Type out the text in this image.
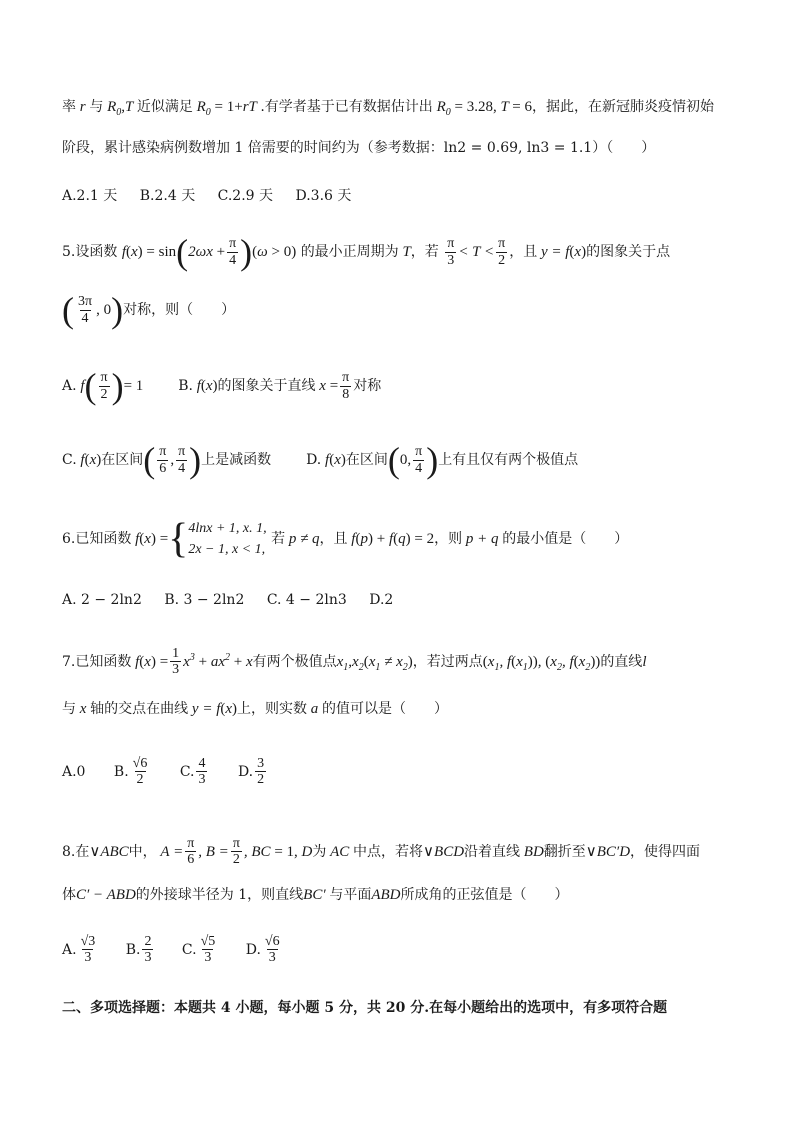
率 r 与 $R_0,T$ 近似满足 $R_0 = 1+rT$ .有学者基于已有数据估计出 $R_0 = 3.28$, T = 6，据此，在新冠肺炎疫情初始
阶段，累计感染病例数增加 1 倍需要的时间约为（参考数据：ln2 = 0.69, ln3 = 1.1）（　　）
A.2.1 天 B.2.4 天 C.2.9 天 D.3.6 天
5.设函数 $f(x) = \sin(2\omega x + \frac{\pi}{4} )(\omega > 0)$ 的最小正周期为 T，若 $\frac{\pi}{3} < T < \frac{\pi}{2}$ ，且 y = f(x)的图象关于点
( $\frac{3\pi}{4}$ , 0)对称，则（　　）
A. $f( \frac{\pi}{2}$ )= 1 B. f(x)的图象关于直线 $x = \frac{\pi}{8}$ 对称
C. f(x)在区间( $\frac{\pi}{6}$ , $\frac{\pi}{4}$ )上是减函数 D. f(x)在区间(0, $\frac{\pi}{4}$ )上有且仅有两个极值点
6.已知函数 f(x) ={ 4lnx + 1, x. 1,
2x − 1, x < 1,
若 p ≠ q，且 f(p) + f(q) = 2，则 p + q 的最小值是（　　）
A. 2 − 2ln2 B. 3 − 2ln2 C. 4 − 2ln3 D.2
7.已知函数 $f(x) = \frac{1}{3} x^3 + ax^2 + x$有两个极值点$x_1,x_2(x_1 \ne x_2)$，若过两点($x_1$, $f(x_1)$), ($x_2$, $f(x_2)$)的直线l
与 x 轴的交点在曲线 y = f(x)上，则实数 a 的值可以是（　　）
A.0 B. $\frac{√6}{2} C$. $\frac{4}{3} D$. $\frac{3}{2}$
8.在∨ABC中， $A = \frac{\pi}{6}$ , $B = \frac{\pi}{2}$ , BC = 1, D为 AC 中点，若将∨BCD沿着直线 BD翻折至∨BC′D，使得四面
体C′ − ABD的外接球半径为 1，则直线BC′ 与平面ABD所成角的正弦值是（　　）
A. $\frac{√3}{3} B$. $\frac{2}{3} C$. $\frac{√5}{3} D$. $\frac{√6}{3}$
二、多项选择题：本题共 4 小题，每小题 5 分，共 20 分.在每小题给出的选项中，有多项符合题
